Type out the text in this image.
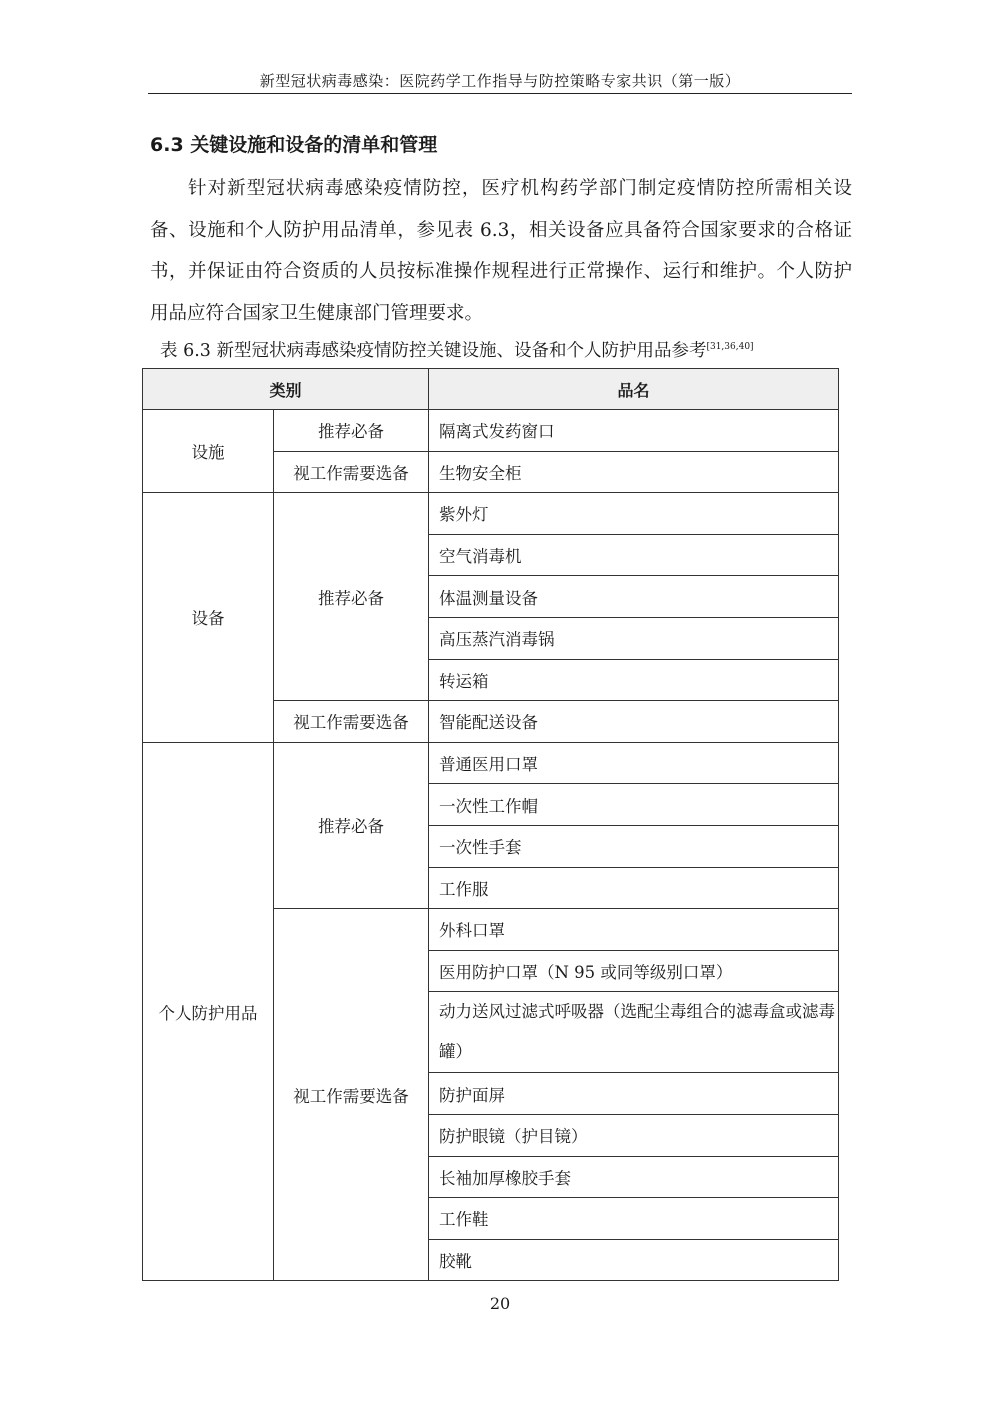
新型冠状病毒感染：医院药学工作指导与防控策略专家共识（第一版）
6.3 关键设施和设备的清单和管理

针对新型冠状病毒感染疫情防控，医疗机构药学部门制定疫情防控所需相关设备、设施和个人防护用品清单，参见表 6.3，相关设备应具备符合国家要求的合格证书，并保证由符合资质的人员按标准操作规程进行正常操作、运行和维护。个人防护用品应符合国家卫生健康部门管理要求。

表 6.3 新型冠状病毒感染疫情防控关键设施、设备和个人防护用品参考[31,36,40]
类别		品名
设施	推荐必备	隔离式发药窗口
	视工作需要选备	生物安全柜
设备	推荐必备	紫外灯
		空气消毒机
		体温测量设备
		高压蒸汽消毒锅
		转运箱
	视工作需要选备	智能配送设备
个人防护用品	推荐必备	普通医用口罩
		一次性工作帽
		一次性手套
		工作服
	视工作需要选备	外科口罩
		医用防护口罩（N 95 或同等级别口罩）
		动力送风过滤式呼吸器（选配尘毒组合的滤毒盒或滤毒罐）
		防护面屏
		防护眼镜（护目镜）
		长袖加厚橡胶手套
		工作鞋
		胶靴
20
